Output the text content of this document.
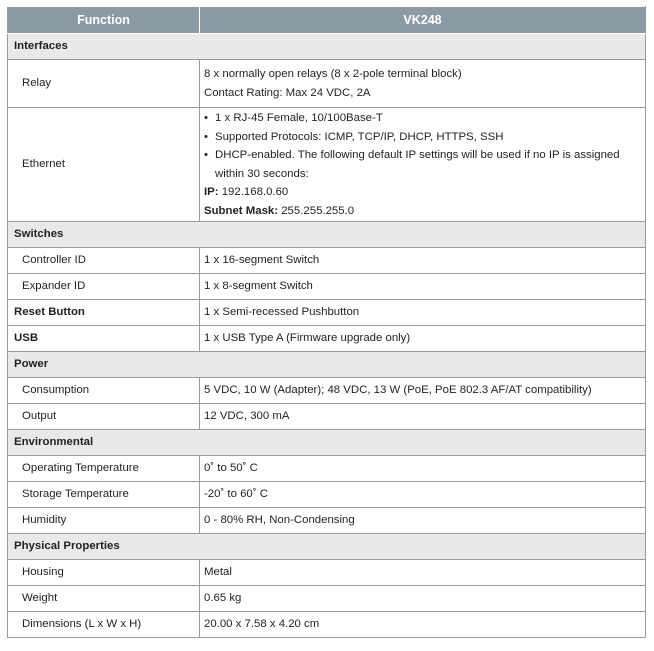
Function	VK248
Interfaces	
Relay	8 x normally open relays (8 x 2-pole terminal block)
Contact Rating: Max 24 VDC, 2A

Ethernet	• 1 x RJ-45 Female, 10/100Base-T
• Supported Protocols: ICMP, TCP/IP, DHCP, HTTPS, SSH
• DHCP-enabled. The following default IP settings will be used if no IP is assigned within 30 seconds:
IP: 192.168.0.60
Subnet Mask: 255.255.255.0

Switches	
Controller ID	1 x 16-segment Switch
Expander ID	1 x 8-segment Switch
Reset Button	1 x Semi-recessed Pushbutton
USB	1 x USB Type A (Firmware upgrade only)
Power	
Consumption	5 VDC, 10 W (Adapter); 48 VDC, 13 W (PoE, PoE 802.3 AF/AT compatibility)
Output	12 VDC, 300 mA
Environmental	
Operating Temperature	0˚ to 50˚ C
Storage Temperature	-20˚ to 60˚ C
Humidity	0 - 80% RH, Non-Condensing
Physical Properties	
Housing	Metal
Weight	0.65 kg
Dimensions (L x W x H)	20.00 x 7.58 x 4.20 cm
